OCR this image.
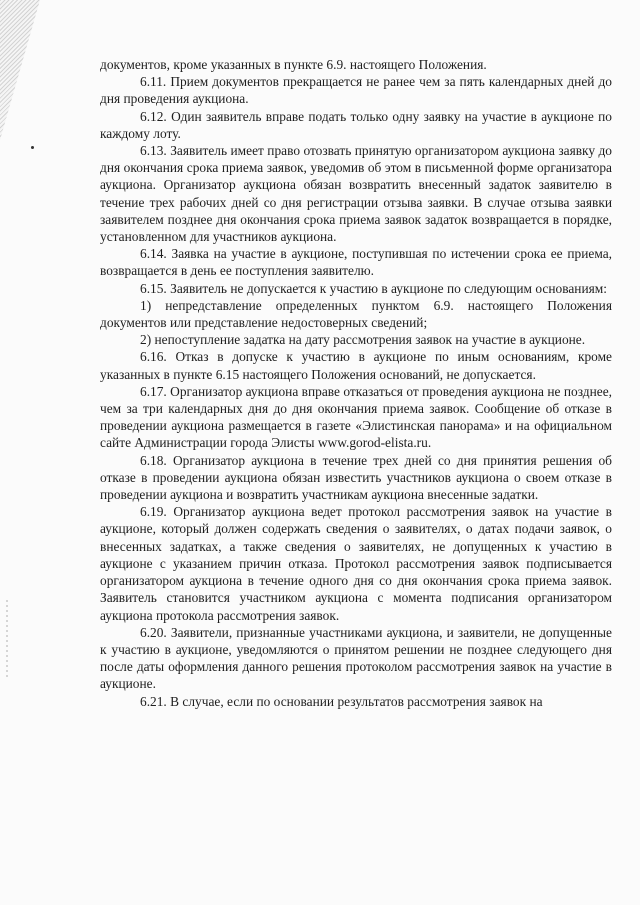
документов, кроме указанных в пункте 6.9. настоящего Положения.

6.11. Прием документов прекращается не ранее чем за пять календарных дней до дня проведения аукциона.

6.12. Один заявитель вправе подать только одну заявку на участие в аукционе по каждому лоту.

6.13. Заявитель имеет право отозвать принятую организатором аукциона заявку до дня окончания срока приема заявок, уведомив об этом в письменной форме организатора аукциона. Организатор аукциона обязан возвратить внесенный задаток заявителю в течение трех рабочих дней со дня регистрации отзыва заявки. В случае отзыва заявки заявителем позднее дня окончания срока приема заявок задаток возвращается в порядке, установленном для участников аукциона.

6.14. Заявка на участие в аукционе, поступившая по истечении срока ее приема, возвращается в день ее поступления заявителю.

6.15. Заявитель не допускается к участию в аукционе по следующим основаниям:

1) непредставление определенных пунктом 6.9. настоящего Положения документов или представление недостоверных сведений;

2) непоступление задатка на дату рассмотрения заявок на участие в аукционе.

6.16. Отказ в допуске к участию в аукционе по иным основаниям, кроме указанных в пункте 6.15 настоящего Положения оснований, не допускается.

6.17. Организатор аукциона вправе отказаться от проведения аукциона не позднее, чем за три календарных дня до дня окончания приема заявок. Сообщение об отказе в проведении аукциона размещается в газете «Элистинская панорама» и на официальном сайте Администрации города Элисты www.gorod-elista.ru.

6.18. Организатор аукциона в течение трех дней со дня принятия решения об отказе в проведении аукциона обязан известить участников аукциона о своем отказе в проведении аукциона и возвратить участникам аукциона внесенные задатки.

6.19. Организатор аукциона ведет протокол рассмотрения заявок на участие в аукционе, который должен содержать сведения о заявителях, о датах подачи заявок, о внесенных задатках, а также сведения о заявителях, не допущенных к участию в аукционе с указанием причин отказа. Протокол рассмотрения заявок подписывается организатором аукциона в течение одного дня со дня окончания срока приема заявок. Заявитель становится участником аукциона с момента подписания организатором аукциона протокола рассмотрения заявок.

6.20. Заявители, признанные участниками аукциона, и заявители, не допущенные к участию в аукционе, уведомляются о принятом решении не позднее следующего дня после даты оформления данного решения протоколом рассмотрения заявок на участие в аукционе.

6.21. В случае, если по основании результатов рассмотрения заявок на
